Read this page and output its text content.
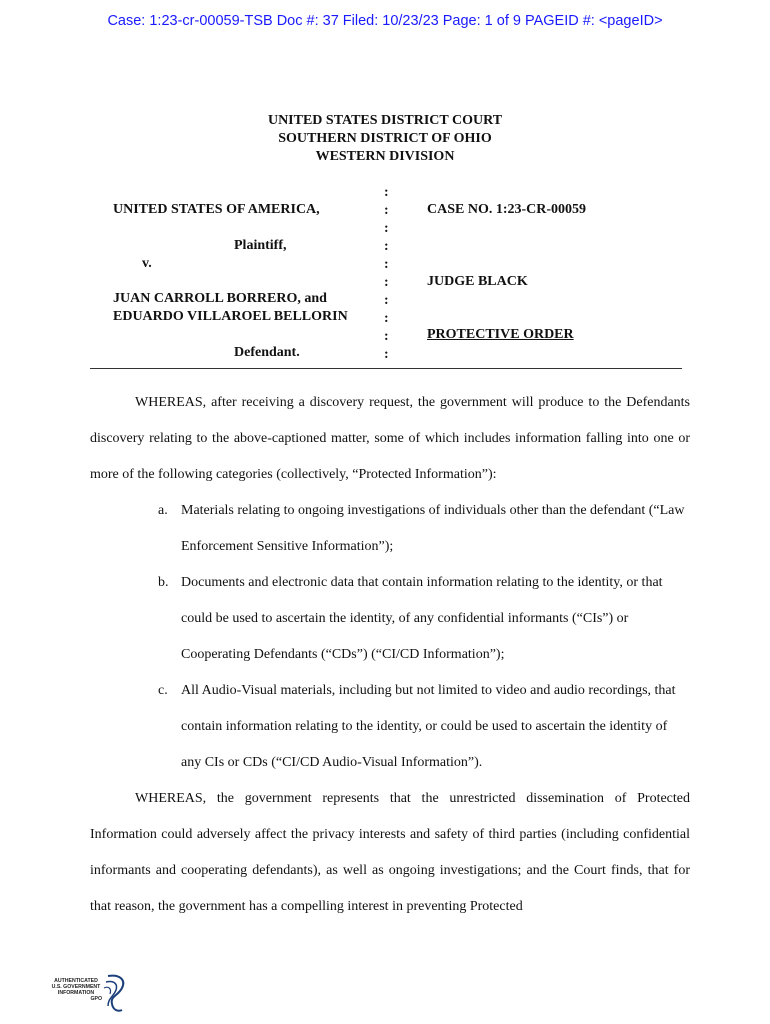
Case: 1:23-cr-00059-TSB Doc #: 37 Filed: 10/23/23 Page: 1 of 9 PAGEID #: <pageID>
UNITED STATES DISTRICT COURT
SOUTHERN DISTRICT OF OHIO
WESTERN DIVISION
UNITED STATES OF AMERICA,
Plaintiff,
v.
JUAN CARROLL BORRERO, and
EDUARDO VILLAROEL BELLORIN
Defendant.
:
:
:
:
:
:
:
:
:
:
CASE NO. 1:23-CR-00059
JUDGE BLACK
PROTECTIVE ORDER

WHEREAS, after receiving a discovery request, the government will produce to the Defendants discovery relating to the above-captioned matter, some of which includes information falling into one or more of the following categories (collectively, “Protected Information”):

a. Materials relating to ongoing investigations of individuals other than the defendant (“Law Enforcement Sensitive Information”);
b. Documents and electronic data that contain information relating to the identity, or that could be used to ascertain the identity, of any confidential informants (“CIs”) or Cooperating Defendants (“CDs”) (“CI/CD Information”);
c. All Audio-Visual materials, including but not limited to video and audio recordings, that contain information relating to the identity, or could be used to ascertain the identity of any CIs or CDs (“CI/CD Audio-Visual Information”).

WHEREAS, the government represents that the unrestricted dissemination of Protected Information could adversely affect the privacy interests and safety of third parties (including confidential informants and cooperating defendants), as well as ongoing investigations; and the Court finds, that for that reason, the government has a compelling interest in preventing Protected

AUTHENTICATED
U.S. GOVERNMENT
INFORMATION
GPO
